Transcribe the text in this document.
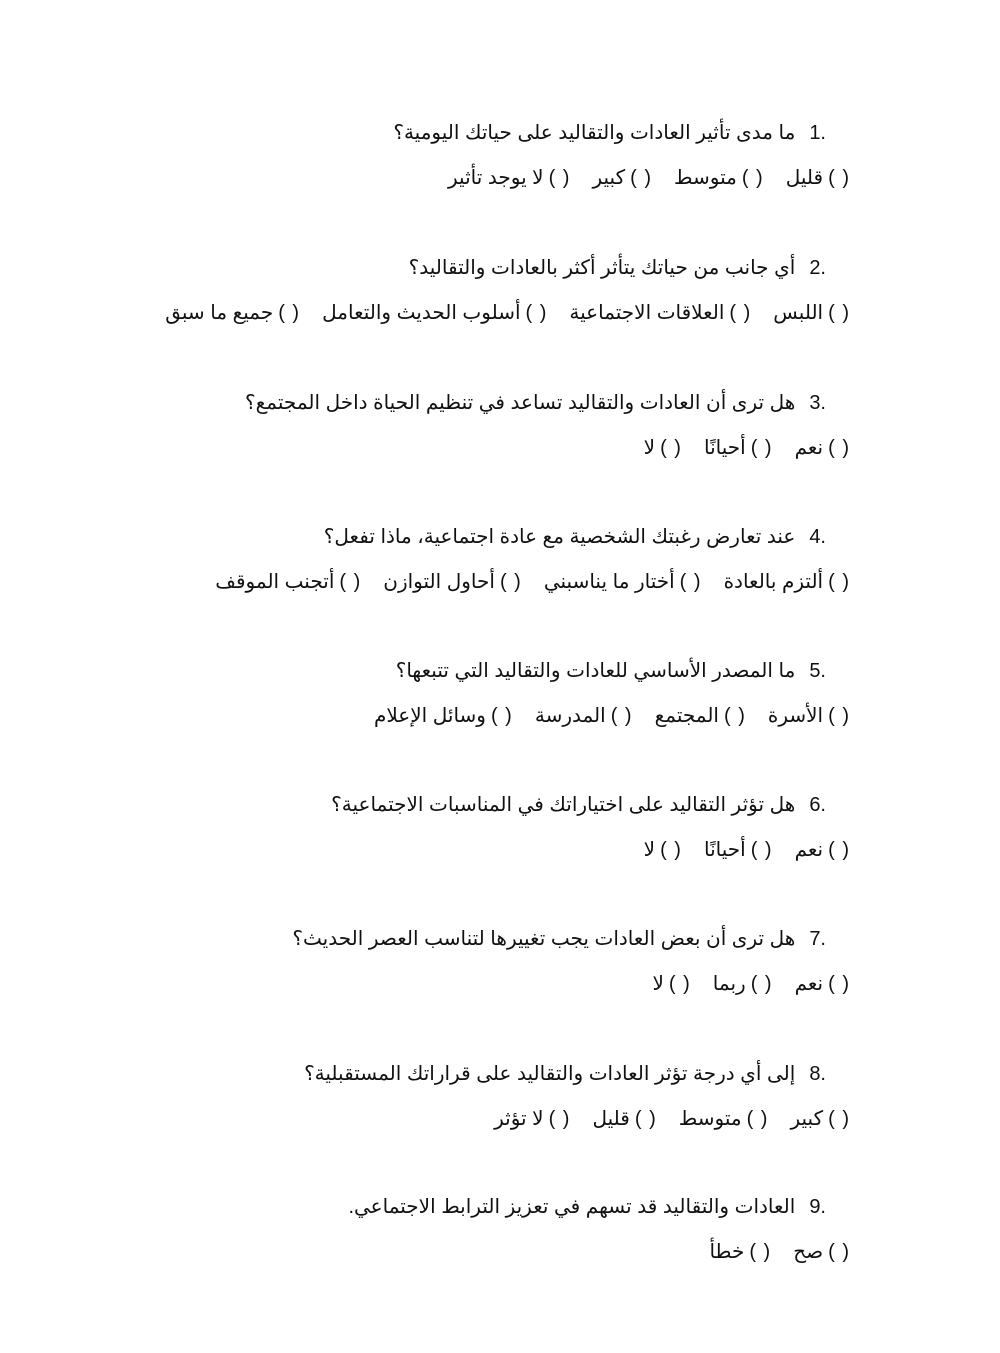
1.
ما مدى تأثير العادات والتقاليد على حياتك اليومية؟
( )
قليل
( )
متوسط
( )
كبير
( )
لا يوجد تأثير
2.
أي جانب من حياتك يتأثر أكثر بالعادات والتقاليد؟
( )
اللبس
( )
العلاقات الاجتماعية
( )
أسلوب الحديث والتعامل
( )
جميع ما سبق
3.
هل ترى أن العادات والتقاليد تساعد في تنظيم الحياة داخل المجتمع؟
( )
نعم
( )
أحيانًا
( )
لا
4.
عند تعارض رغبتك الشخصية مع عادة اجتماعية، ماذا تفعل؟
( )
ألتزم بالعادة
( )
أختار ما يناسبني
( )
أحاول التوازن
( )
أتجنب الموقف
5.
ما المصدر الأساسي للعادات والتقاليد التي تتبعها؟
( )
الأسرة
( )
المجتمع
( )
المدرسة
( )
وسائل الإعلام
6.
هل تؤثر التقاليد على اختياراتك في المناسبات الاجتماعية؟
( )
نعم
( )
أحيانًا
( )
لا
7.
هل ترى أن بعض العادات يجب تغييرها لتناسب العصر الحديث؟
( )
نعم
( )
ربما
( )
لا
8.
إلى أي درجة تؤثر العادات والتقاليد على قراراتك المستقبلية؟
( )
كبير
( )
متوسط
( )
قليل
( )
لا تؤثر
9.
العادات والتقاليد قد تسهم في تعزيز الترابط الاجتماعي.
( )
صح
( )
خطأ
